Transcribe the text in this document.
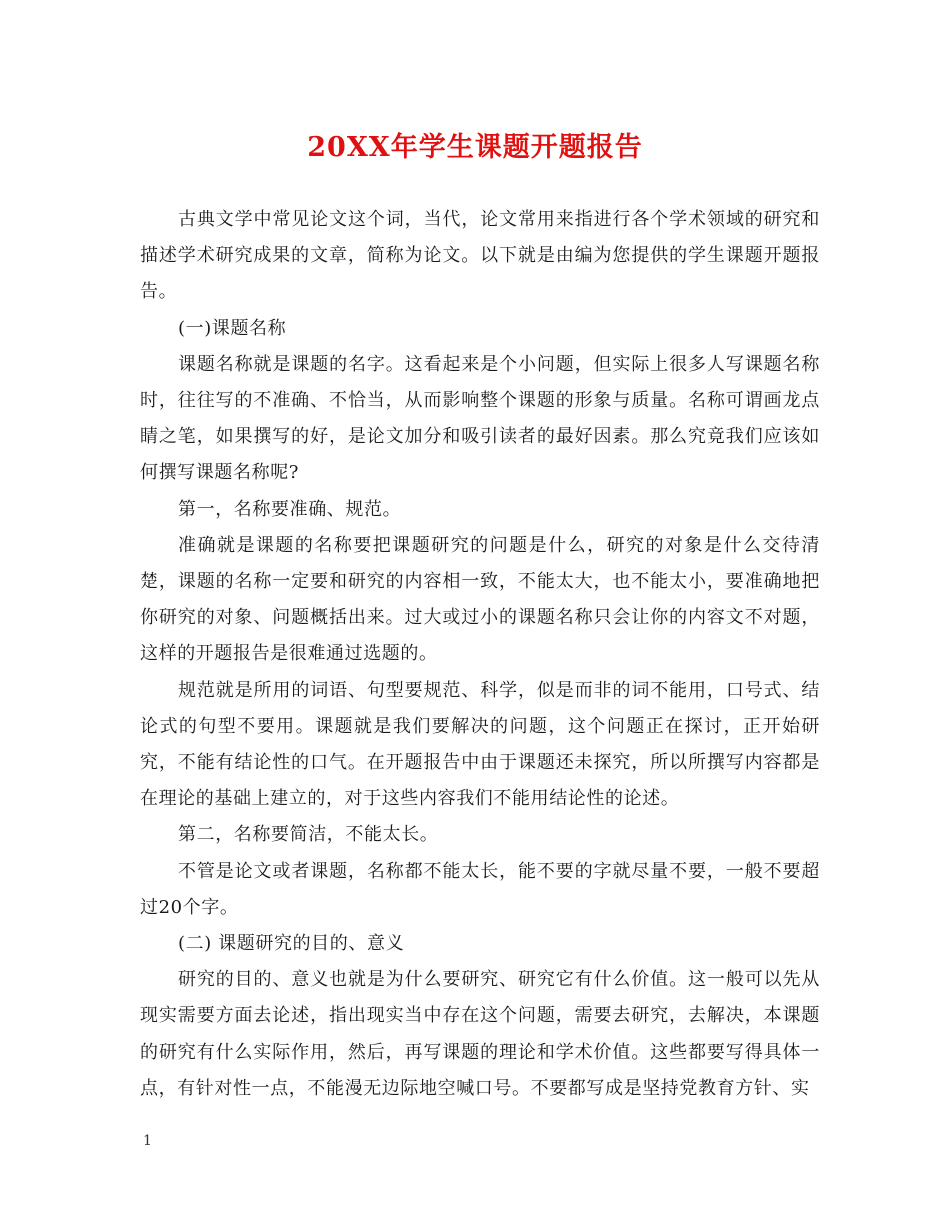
20XX年学生课题开题报告

古典文学中常见论文这个词，当代，论文常用来指进行各个学术领域的研究和描述学术研究成果的文章，简称为论文。以下就是由编为您提供的学生课题开题报告。

(一)课题名称

课题名称就是课题的名字。这看起来是个小问题，但实际上很多人写课题名称时，往往写的不准确、不恰当，从而影响整个课题的形象与质量。名称可谓画龙点睛之笔，如果撰写的好，是论文加分和吸引读者的最好因素。那么究竟我们应该如何撰写课题名称呢?

第一，名称要准确、规范。

准确就是课题的名称要把课题研究的问题是什么，研究的对象是什么交待清楚，课题的名称一定要和研究的内容相一致，不能太大，也不能太小，要准确地把你研究的对象、问题概括出来。过大或过小的课题名称只会让你的内容文不对题，这样的开题报告是很难通过选题的。

规范就是所用的词语、句型要规范、科学，似是而非的词不能用，口号式、结论式的句型不要用。课题就是我们要解决的问题，这个问题正在探讨，正开始研究，不能有结论性的口气。在开题报告中由于课题还未探究，所以所撰写内容都是在理论的基础上建立的，对于这些内容我们不能用结论性的论述。

第二，名称要简洁，不能太长。

不管是论文或者课题，名称都不能太长，能不要的字就尽量不要，一般不要超过20个字。

(二) 课题研究的目的、意义

研究的目的、意义也就是为什么要研究、研究它有什么价值。这一般可以先从现实需要方面去论述，指出现实当中存在这个问题，需要去研究，去解决，本课题的研究有什么实际作用，然后，再写课题的理论和学术价值。这些都要写得具体一点，有针对性一点，不能漫无边际地空喊口号。不要都写成是坚持党教育方针、实

1
